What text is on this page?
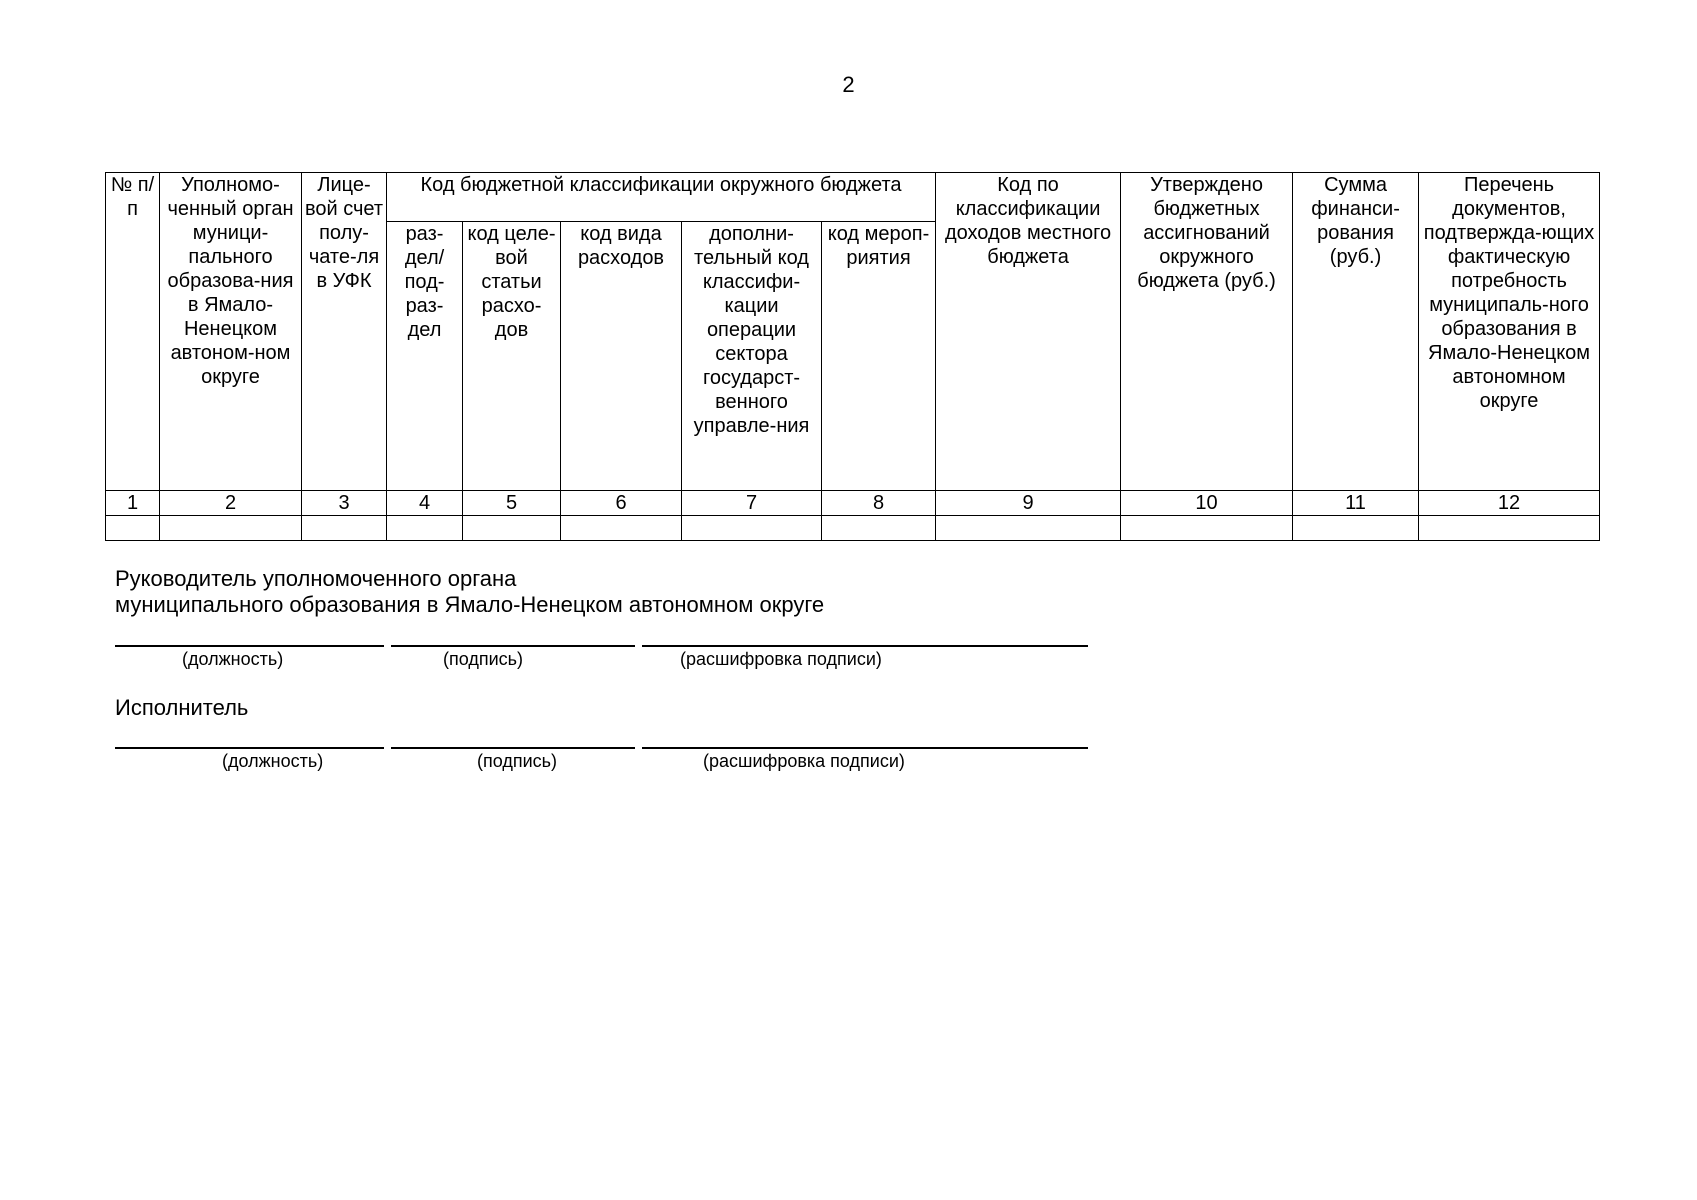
2
№ п/п	Уполномо-ченный орган муници-пального образова-ния в Ямало-Ненецком автоном-ном округе	Лице-вой счет полу-чате-ля в УФК	Код бюджетной классификации окружного бюджета					Код по классификации доходов местного бюджета	Утверждено бюджетных ассигнований окружного бюджета (руб.)	Сумма финанси-рования (руб.)	Перечень документов, подтвержда-ющих фактическую потребность муниципаль-ного образования в Ямало-Ненецком автономном округе
			раз-дел/ под-раз-дел	код целе-вой статьи расхо-дов	код вида расходов	дополни-тельный код классифи-кации операции сектора государст-венного управле-ния	код мероп-риятия				
1	2	3	4	5	6	7	8	9	10	11	12

Руководитель уполномоченного органа

муниципального образования в Ямало-Ненецком автономном округе

(должность)	(подпись)	(расшифровка подписи)
Исполнитель
(должность)	(подпись)	(расшифровка подписи)
